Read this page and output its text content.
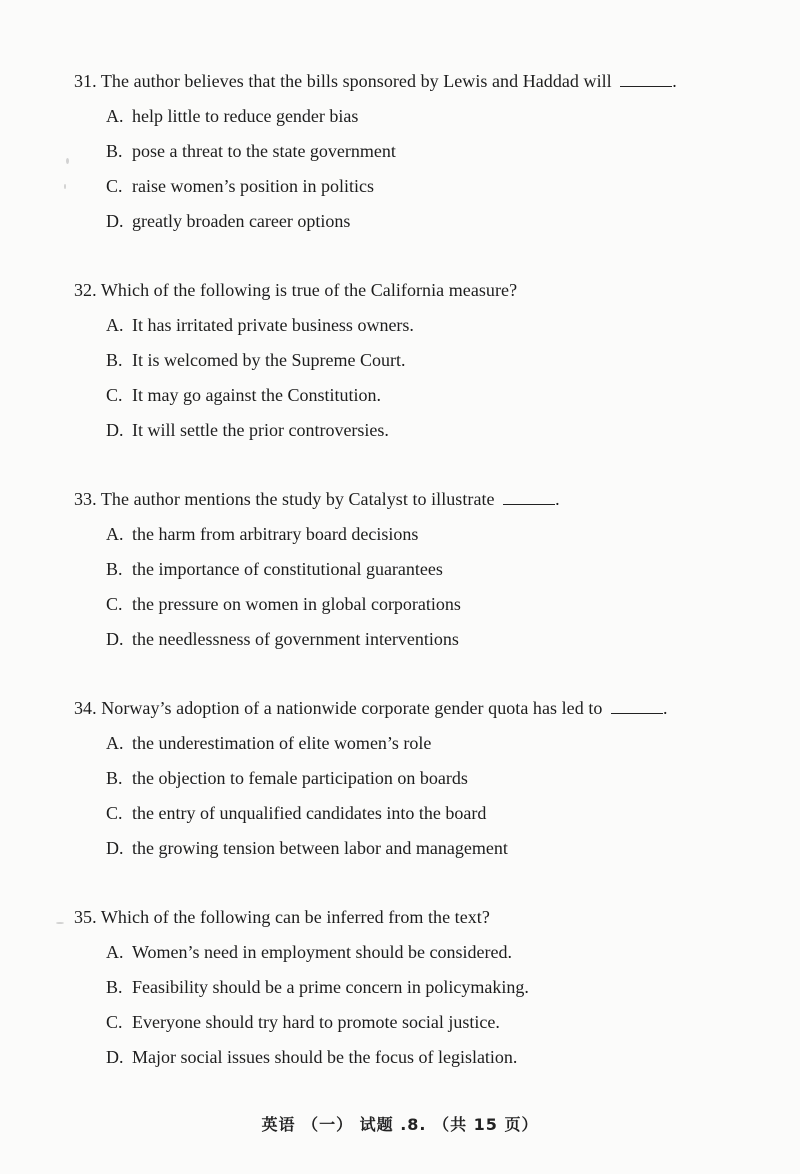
31. The author believes that the bills sponsored by Lewis and Haddad will	.
A. help little to reduce gender bias
B. pose a threat to the state government
C. raise women’s position in politics
D. greatly broaden career options
32. Which of the following is true of the California measure?
A. It has irritated private business owners.
B. It is welcomed by the Supreme Court.
C. It may go against the Constitution.
D. It will settle the prior controversies.
33. The author mentions the study by Catalyst to illustrate	.
A. the harm from arbitrary board decisions
B. the importance of constitutional guarantees
C. the pressure on women in global corporations
D. the needlessness of government interventions
34. Norway’s adoption of a nationwide corporate gender quota has led to	.
A. the underestimation of elite women’s role
B. the objection to female participation on boards
C. the entry of unqualified candidates into the board
D. the growing tension between labor and management
35. Which of the following can be inferred from the text?
A. Women’s need in employment should be considered.
B. Feasibility should be a prime concern in policymaking.
C. Everyone should try hard to promote social justice.
D. Major social issues should be the focus of legislation.
英语 （一） 试题 .8. （共 15 页）
